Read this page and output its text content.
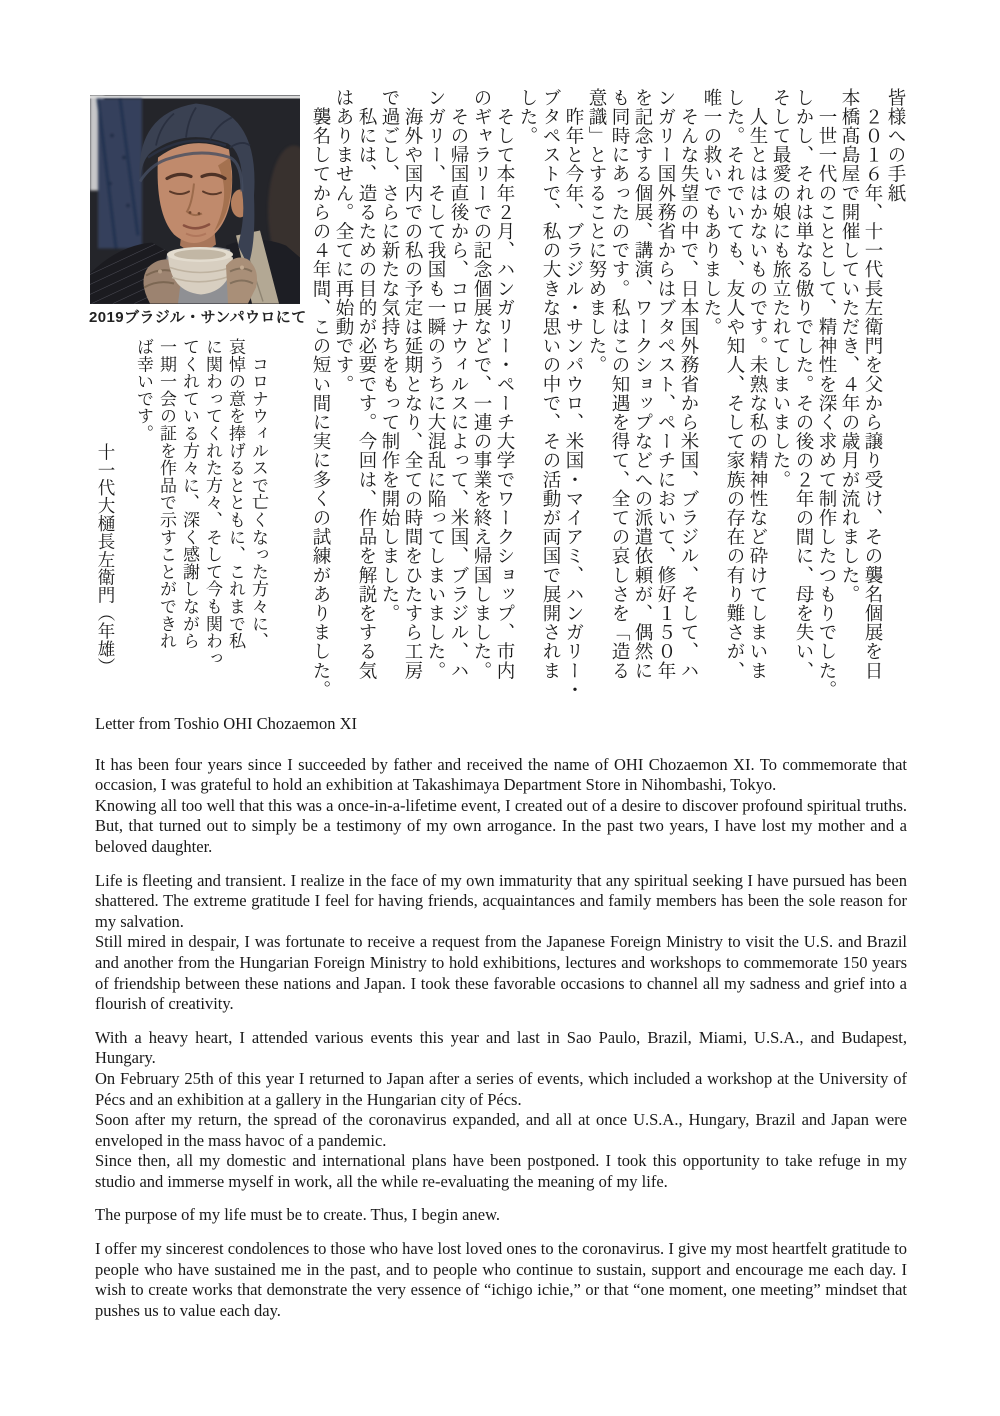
2019ブラジル・サンパウロにて
皆様への手紙
　２０１６年、十一代長左衛門を父から譲り受け、その襲名個展を日
本橋髙島屋で開催していただき、４年の歳月が流れました。
　一世一代のこととして、精神性を深く求めて制作したつもりでした。
しかし、それは単なる傲りでした。その後の２年の間に、母を失い、
そして最愛の娘にも旅立たれてしまいました。
　人生とははかないものです。未熟な私の精神性など砕けてしまいま
した。それでいても、友人や知人、そして家族の存在の有り難さが、
唯一の救いでもありました。
　そんな失望の中で、日本国外務省から米国、ブラジル、そして、ハ
ンガリー国外務省からはブタペスト、ペーチにおいて、修好１５０年
を記念する個展、講演、ワークショップなどへの派遣依頼が、偶然に
も同時にあったのです。私はこの知遇を得て、全ての哀しさを「造る
意識」とすることに努めました。
　昨年と今年、ブラジル・サンパウロ、米国・マイアミ、ハンガリー・
ブタペストで、私の大きな思いの中で、その活動が両国で展開されま
した。
　そして本年２月、ハンガリー・ペーチ大学でワークショップ、市内
のギャラリーでの記念個展などで、一連の事業を終え帰国しました。
　その帰国直後から、コロナウィルスによって、米国、ブラジル、ハ
ンガリー、そして我国も一瞬のうちに大混乱に陥ってしまいました。
　海外や国内での私の予定は延期となり、全ての時間をひたすら工房
で過ごし、さらに新たな気持ちをもって制作を開始しました。
　私には、造るための目的が必要です。今回は、作品を解説をする気
はありません。全てに再始動です。
　襲名してからの４年間、この短い間に実に多くの試練がありました。
　コロナウィルスで亡くなった方々に、
哀悼の意を捧げるとともに、これまで私
に関わってくれた方々、そして今も関わっ
てくれている方々に、深く感謝しながら
一期一会の証を作品で示すことができれ
ば幸いです。
十一代大樋長左衛門（年雄）

Letter from Toshio OHI Chozaemon XI

It has been four years since I succeeded by father and received the name of OHI Chozaemon XI. To commemorate that occasion, I was grateful to hold an exhibition at Takashimaya Department Store in Nihombashi, Tokyo.

Knowing all too well that this was a once-in-a-lifetime event, I created out of a desire to discover profound spiritual truths. But, that turned out to simply be a testimony of my own arrogance. In the past two years, I have lost my mother and a beloved daughter.

Life is fleeting and transient. I realize in the face of my own immaturity that any spiritual seeking I have pursued has been shattered. The extreme gratitude I feel for having friends, acquaintances and family members has been the sole reason for my salvation.

Still mired in despair, I was fortunate to receive a request from the Japanese Foreign Ministry to visit the U.S. and Brazil and another from the Hungarian Foreign Ministry to hold exhibitions, lectures and workshops to commemorate 150 years of friendship between these nations and Japan. I took these favorable occasions to channel all my sadness and grief into a flourish of creativity.

With a heavy heart, I attended various events this year and last in Sao Paulo, Brazil, Miami, U.S.A., and Budapest, Hungary.

On February 25th of this year I returned to Japan after a series of events, which included a workshop at the University of Pécs and an exhibition at a gallery in the Hungarian city of Pécs.

Soon after my return, the spread of the coronavirus expanded, and all at once U.S.A., Hungary, Brazil and Japan were enveloped in the mass havoc of a pandemic.

Since then, all my domestic and international plans have been postponed. I took this opportunity to take refuge in my studio and immerse myself in work, all the while re-evaluating the meaning of my life.

The purpose of my life must be to create. Thus, I begin anew.

I offer my sincerest condolences to those who have lost loved ones to the coronavirus. I give my most heartfelt gratitude to people who have sustained me in the past, and to people who continue to sustain, support and encourage me each day. I wish to create works that demonstrate the very essence of “ichigo ichie,” or that “one moment, one meeting” mindset that pushes us to value each day.
